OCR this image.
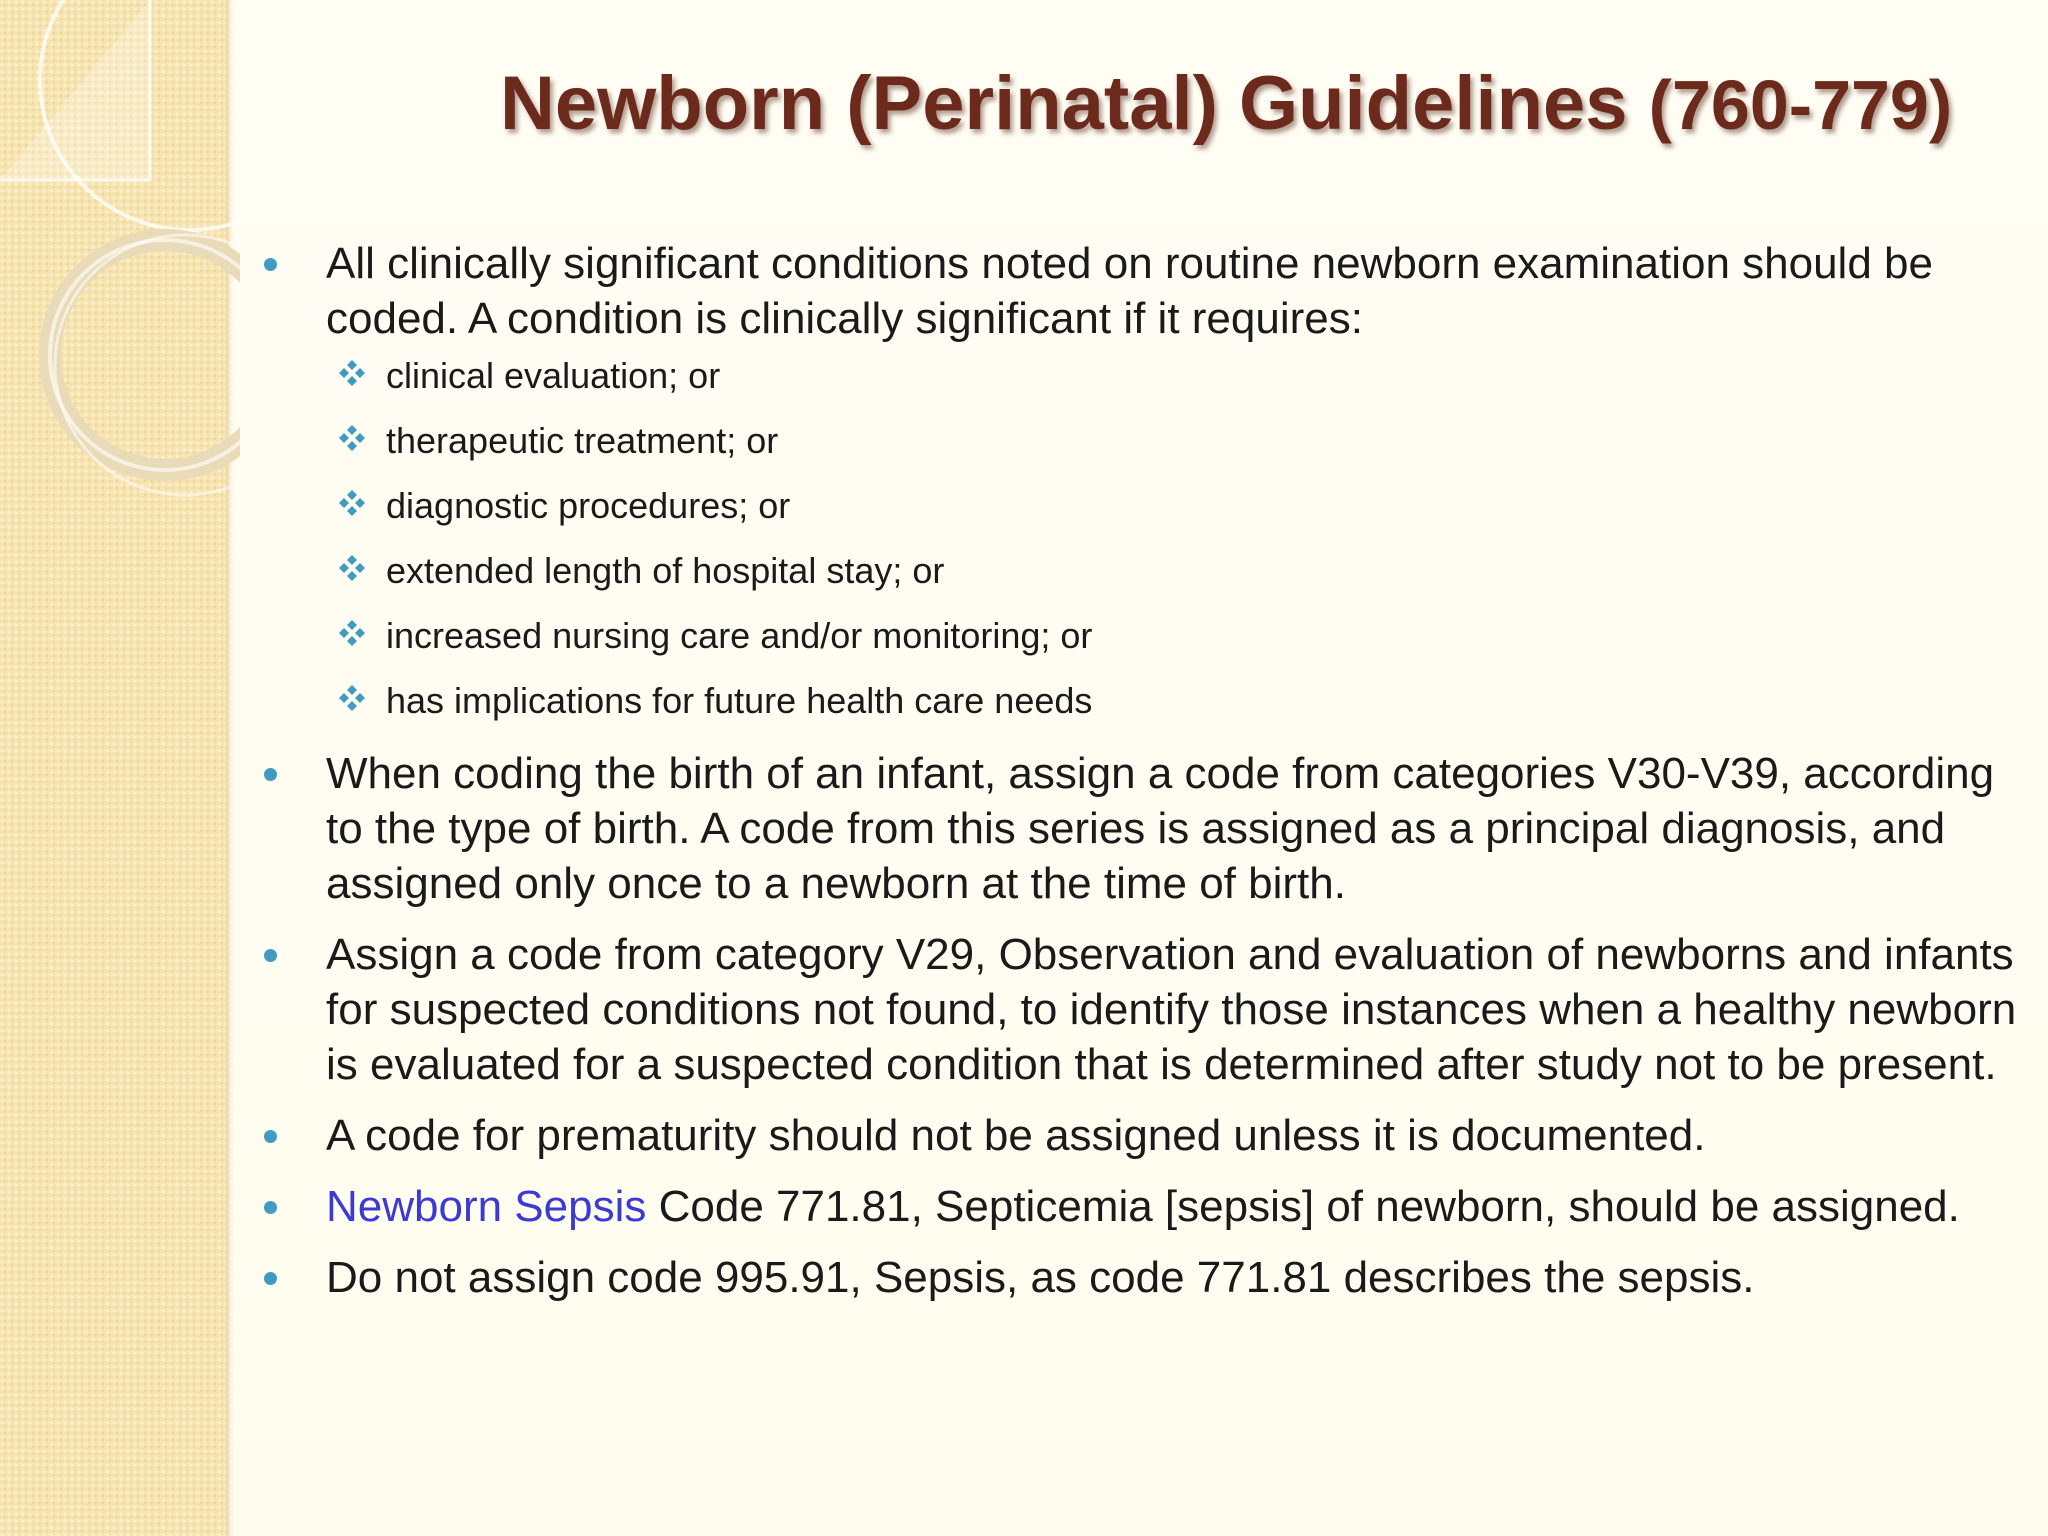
Newborn (Perinatal) Guidelines (760-779)
All clinically significant conditions noted on routine newborn examination should be coded. A condition is clinically significant if it requires:
clinical evaluation; or
therapeutic treatment; or
diagnostic procedures; or
extended length of hospital stay; or
increased nursing care and/or monitoring; or
has implications for future health care needs
When coding the birth of an infant, assign a code from categories V30-V39, according to the type of birth. A code from this series is assigned as a principal diagnosis, and assigned only once to a newborn at the time of birth.
Assign a code from category V29, Observation and evaluation of newborns and infants for suspected conditions not found, to identify those instances when a healthy newborn is evaluated for a suspected condition that is determined after study not to be present.
A code for prematurity should not be assigned unless it is documented.
Newborn Sepsis Code 771.81, Septicemia [sepsis] of newborn, should be assigned.
Do not assign code 995.91, Sepsis, as code 771.81 describes the sepsis.
